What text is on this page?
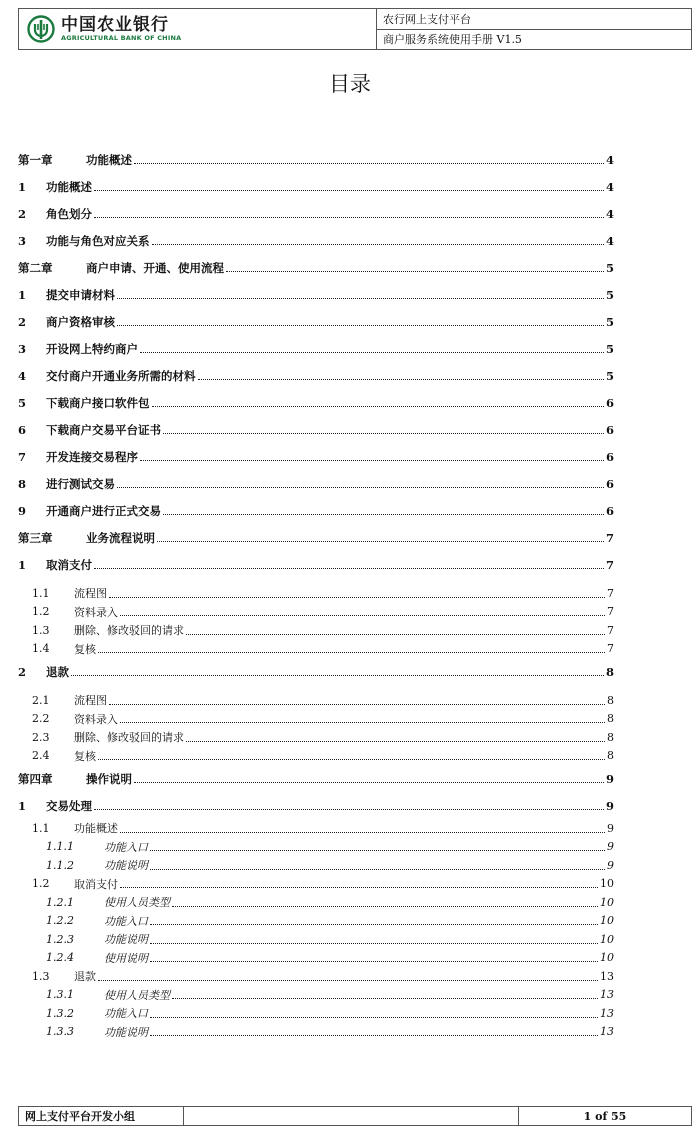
中国农业银行
AGRICULTURAL BANK OF CHINA
农行网上支付平台
商户服务系统使用手册 V1.5
目录
第一章	功能概述	4
1	功能概述	4
2	角色划分	4
3	功能与角色对应关系	4
第二章	商户申请、开通、使用流程	5
1	提交申请材料	5
2	商户资格审核	5
3	开设网上特约商户	5
4	交付商户开通业务所需的材料	5
5	下载商户接口软件包	6
6	下载商户交易平台证书	6
7	开发连接交易程序	6
8	进行测试交易	6
9	开通商户进行正式交易	6
第三章	业务流程说明	7
1	取消支付	7
1.1	流程图	7
1.2	资料录入	7
1.3	删除、修改驳回的请求	7
1.4	复核	7
2	退款	8
2.1	流程图	8
2.2	资料录入	8
2.3	删除、修改驳回的请求	8
2.4	复核	8
第四章	操作说明	9
1	交易处理	9
1.1	功能概述	9
1.1.1	功能入口	9
1.1.2	功能说明	9
1.2	取消支付	10
1.2.1	使用人员类型	10
1.2.2	功能入口	10
1.2.3	功能说明	10
1.2.4	使用说明	10
1.3	退款	13
1.3.1	使用人员类型	13
1.3.2	功能入口	13
1.3.3	功能说明	13
网上支付平台开发小组	1 of 55
